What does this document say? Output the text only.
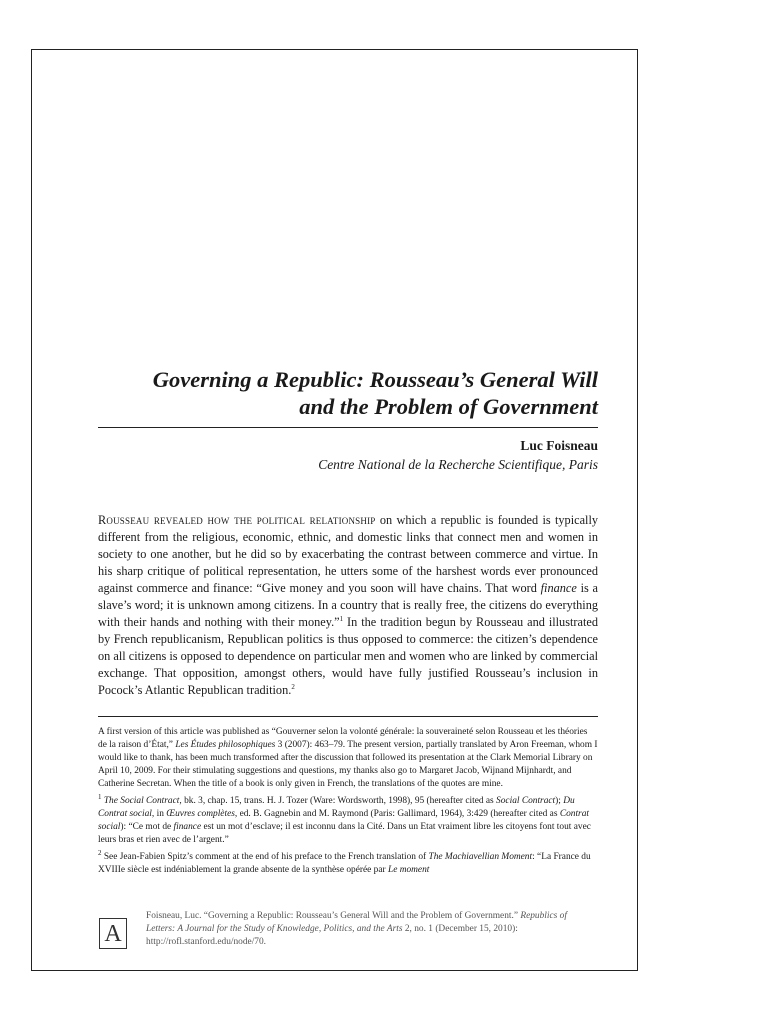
Governing a Republic: Rousseau’s General Will
and the Problem of Government
Luc Foisneau
Centre National de la Recherche Scientifique, Paris

Rousseau revealed how the political relationship on which a republic is founded is typically different from the religious, economic, ethnic, and domestic links that connect men and women in society to one another, but he did so by exacerbating the contrast between commerce and virtue. In his sharp critique of political representation, he utters some of the harshest words ever pronounced against commerce and finance: “Give money and you soon will have chains. That word finance is a slave’s word; it is unknown among citizens. In a country that is really free, the citizens do everything with their hands and nothing with their money.”$^1$ In the tradition begun by Rousseau and illustrated by French republicanism, Republican politics is thus opposed to commerce: the citizen’s dependence on all citizens is opposed to dependence on particular men and women who are linked by commercial exchange. That opposition, amongst others, would have fully justified Rousseau’s inclusion in Pocock’s Atlantic Republican tradition.$^2$

A first version of this article was published as “Gouverner selon la volonté générale: la souveraineté selon Rousseau et les théories de la raison d’État,” Les Études philosophiques 3 (2007): 463–79. The present version, partially translated by Aron Freeman, whom I would like to thank, has been much transformed after the discussion that followed its presentation at the Clark Memorial Library on April 10, 2009. For their stimulating suggestions and questions, my thanks also go to Margaret Jacob, Wijnand Mijnhardt, and Catherine Secretan. When the title of a book is only given in French, the translations of the quotes are mine.

$^1$ The Social Contract, bk. 3, chap. 15, trans. H. J. Tozer (Ware: Wordsworth, 1998), 95 (hereafter cited as Social Contract); Du Contrat social, in Œuvres complètes, ed. B. Gagnebin and M. Raymond (Paris: Gallimard, 1964), 3:429 (hereafter cited as Contrat social): “Ce mot de finance est un mot d’esclave; il est inconnu dans la Cité. Dans un Etat vraiment libre les citoyens font tout avec leurs bras et rien avec de l’argent.”

$^2$ See Jean-Fabien Spitz’s comment at the end of his preface to the French translation of The Machiavellian Moment: “La France du XVIIIe siècle est indéniablement la grande absente de la synthèse opérée par Le moment

A
Foisneau, Luc. “Governing a Republic: Rousseau’s General Will and the Problem of Government.” Republics of Letters: A Journal for the Study of Knowledge, Politics, and the Arts 2, no. 1 (December 15, 2010): http://rofl.stanford.edu/node/70.
